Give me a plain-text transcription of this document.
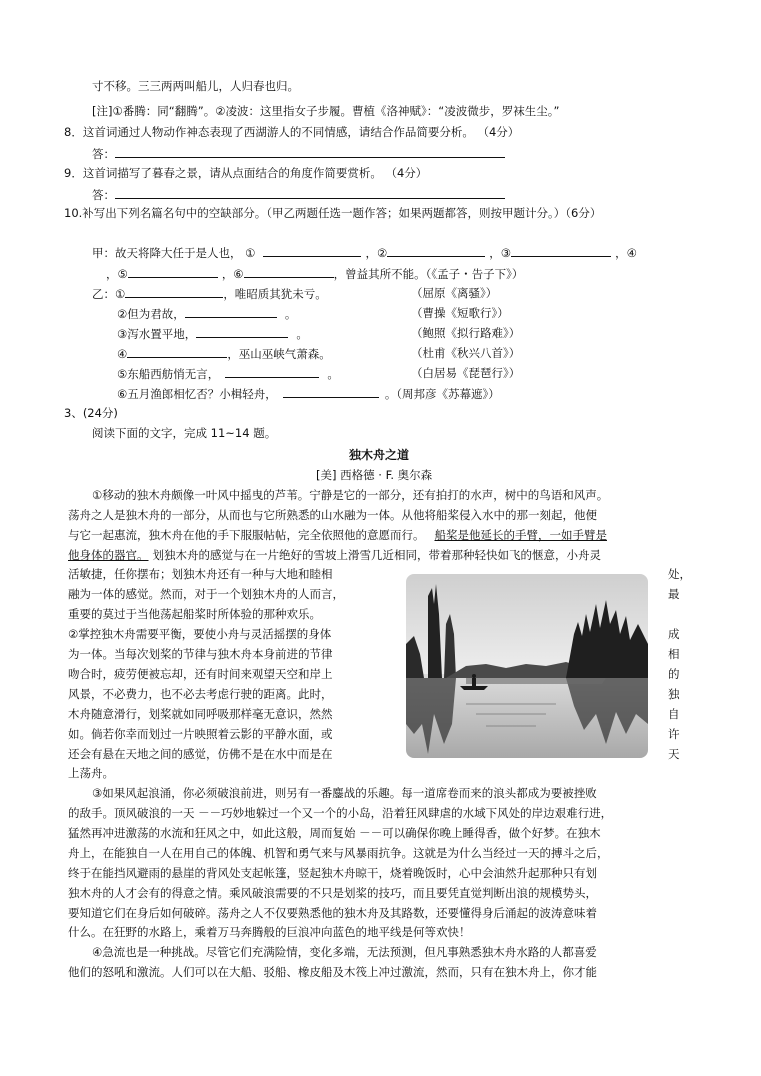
寸不移。三三两两叫船儿，人归春也归。
[注]①番腾：同“翻腾”。②凌波：这里指女子步履。曹植《洛神赋》：“凌波微步，罗袜生尘。”
8．这首词通过人物动作神态表现了西湖游人的不同情感，请结合作品简要分析。 （4分）
答：
9．这首词描写了暮春之景，请从点面结合的角度作简要赏析。 （4分）
答：
10.补写出下列名篇名句中的空缺部分。（甲乙两题任选一题作答；如果两题都答，则按甲题计分。）（6分）
甲：故天将降大任于是人也， ①	，②	，③	，④
，⑤	，⑥	，曾益其所不能。（《孟子・告子下》）
乙：①	，唯昭质其犹未亏。	（屈原《离骚》）
②但为君故，	。	（曹操《短歌行》）
③泻水置平地，	。	（鲍照《拟行路难》）
④	，巫山巫峡气萧森。	（杜甫《秋兴八首》）
⑤东船西舫悄无言，	。	（白居易《琵琶行》）
⑥五月渔郎相忆否？小楫轻舟，	。（周邦彦《苏幕遮》）
3、(24分)
阅读下面的文字，完成 11~14 题。
独木舟之道
[美] 西格德 · F. 奥尔森
①移动的独木舟颇像一叶风中摇曳的芦苇。宁静是它的一部分，还有拍打的水声，树中的鸟语和风声。
荡舟之人是独木舟的一部分，从而也与它所熟悉的山水融为一体。从他将船桨侵入水中的那一刻起，他便
与它一起惠流，独木舟在他的手下服服帖帖，完全依照他的意愿而行。 船桨是他延长的手臂，一如手臂是
他身体的器官。 划独木舟的感觉与在一片绝好的雪坡上滑雪几近相同，带着那种轻快如飞的惬意，小舟灵
活敏捷，任你摆布；划独木舟还有一种与大地和睦相	处，
融为一体的感觉。然而，对于一个划独木舟的人而言，	最
重要的莫过于当他荡起船桨时所体验的那种欢乐。
②掌控独木舟需要平衡，要使小舟与灵活摇摆的身体	成
为一体。当每次划桨的节律与独木舟本身前进的节律	相
吻合时，疲劳便被忘却，还有时间来观望天空和岸上	的
风景，不必费力，也不必去考虑行驶的距离。此时，	独
木舟随意滑行，划桨就如同呼吸那样毫无意识，然然	自
如。倘若你幸而划过一片映照着云影的平静水面，或	许
还会有悬在天地之间的感觉，仿佛不是在水中而是在	天
上荡舟。
③如果风起浪涌，你必须破浪前进，则另有一番鏖战的乐趣。每一道席卷而来的浪头都成为要被挫败
的敌手。顶风破浪的一天 －－巧妙地躲过一个又一个的小岛，沿着狂风肆虐的水域下风处的岸边艰难行进，
猛然再冲进激荡的水流和狂风之中，如此这般，周而复始 －－可以确保你晚上睡得香，做个好梦。在独木
舟上，在能独自一人在用自己的体魄、机智和勇气来与风暴雨抗争。这就是为什么当经过一天的搏斗之后，
终于在能挡风避雨的悬崖的背风处支起帐篷，竖起独木舟晾干，烧着晚饭时，心中会油然升起那种只有划
独木舟的人才会有的得意之情。乘风破浪需要的不只是划桨的技巧，而且要凭直觉判断出浪的规模势头，
要知道它们在身后如何破碎。荡舟之人不仅要熟悉他的独木舟及其路数，还要懂得身后涌起的波涛意味着
什么。在狂野的水路上，乘着万马奔腾般的巨浪冲向蓝色的地平线是何等欢快！
④急流也是一种挑战。尽管它们充满险情，变化多端，无法预测，但凡事熟悉独木舟水路的人都喜爱
他们的怒吼和激流。人们可以在大船、驳船、橡皮船及木筏上冲过激流，然而，只有在独木舟上，你才能
